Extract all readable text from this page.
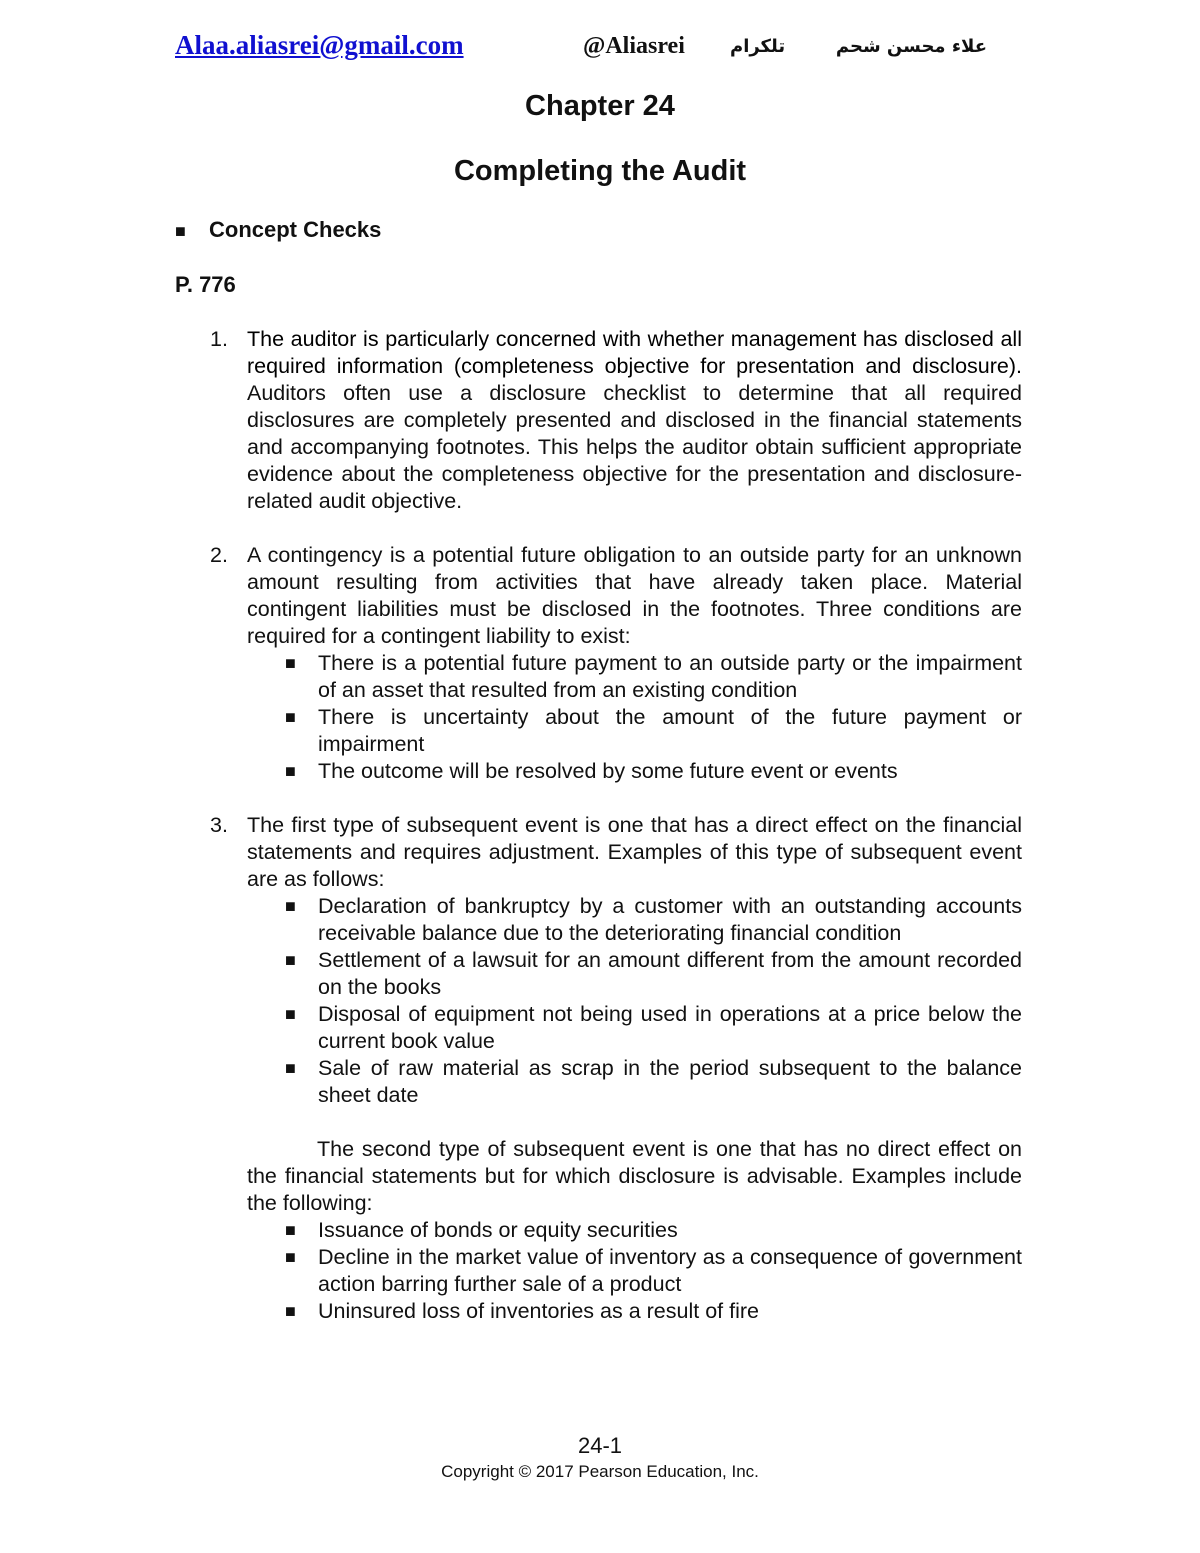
Alaa.aliasrei@gmail.com	@Aliasrei	تلكرام	علاء محسن شحم
Chapter 24
Completing the Audit
■ Concept Checks
P. 776
1. The auditor is particularly concerned with whether management has disclosed all required information (completeness objective for presentation and disclosure). Auditors often use a disclosure checklist to determine that all required disclosures are completely presented and disclosed in the financial statements and accompanying footnotes. This helps the auditor obtain sufficient appropriate evidence about the completeness objective for the presentation and disclosure-related audit objective.
2. A contingency is a potential future obligation to an outside party for an unknown amount resulting from activities that have already taken place. Material contingent liabilities must be disclosed in the footnotes. Three conditions are required for a contingent liability to exist:
■ There is a potential future payment to an outside party or the impairment of an asset that resulted from an existing condition
■ There is uncertainty about the amount of the future payment or impairment
■ The outcome will be resolved by some future event or events
3. The first type of subsequent event is one that has a direct effect on the financial statements and requires adjustment. Examples of this type of subsequent event are as follows:
■ Declaration of bankruptcy by a customer with an outstanding accounts receivable balance due to the deteriorating financial condition
■ Settlement of a lawsuit for an amount different from the amount recorded on the books
■ Disposal of equipment not being used in operations at a price below the current book value
■ Sale of raw material as scrap in the period subsequent to the balance sheet date

The second type of subsequent event is one that has no direct effect on the financial statements but for which disclosure is advisable. Examples include the following:

■ Issuance of bonds or equity securities
■ Decline in the market value of inventory as a consequence of government action barring further sale of a product
■ Uninsured loss of inventories as a result of fire
24-1
Copyright © 2017 Pearson Education, Inc.
